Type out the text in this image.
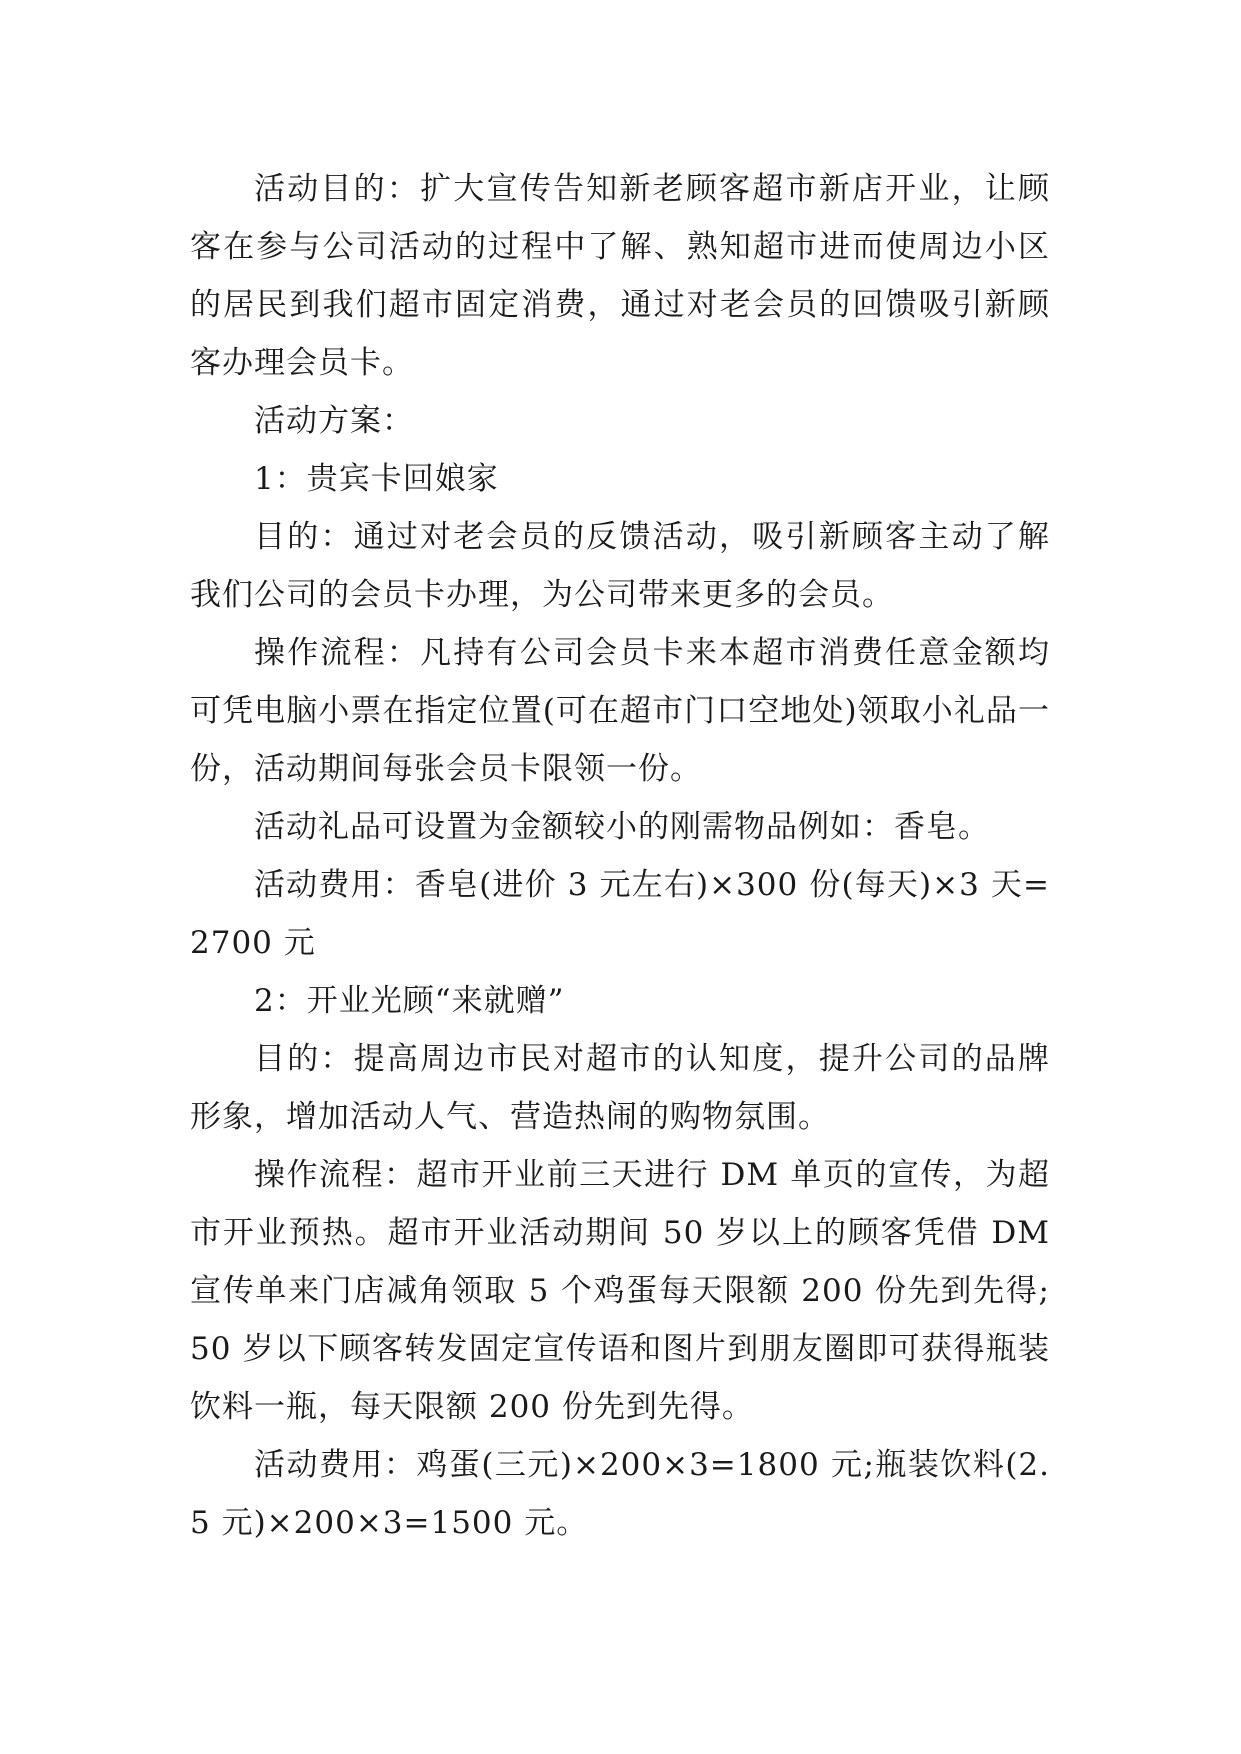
活动目的：扩大宣传告知新老顾客超市新店开业，让顾客在参与公司活动的过程中了解、熟知超市进而使周边小区的居民到我们超市固定消费，通过对老会员的回馈吸引新顾客办理会员卡。

活动方案：

1：贵宾卡回娘家

目的：通过对老会员的反馈活动，吸引新顾客主动了解我们公司的会员卡办理，为公司带来更多的会员。

操作流程：凡持有公司会员卡来本超市消费任意金额均可凭电脑小票在指定位置(可在超市门口空地处)领取小礼品一份，活动期间每张会员卡限领一份。

活动礼品可设置为金额较小的刚需物品例如：香皂。

活动费用：香皂(进价 3 元左右)×300 份(每天)×3 天=2700 元

2：开业光顾“来就赠”

目的：提高周边市民对超市的认知度，提升公司的品牌形象，增加活动人气、营造热闹的购物氛围。

操作流程：超市开业前三天进行 DM 单页的宣传，为超市开业预热。超市开业活动期间 50 岁以上的顾客凭借 DM 宣传单来门店减角领取 5 个鸡蛋每天限额 200 份先到先得;50 岁以下顾客转发固定宣传语和图片到朋友圈即可获得瓶装饮料一瓶，每天限额 200 份先到先得。

活动费用：鸡蛋(三元)×200×3=1800 元;瓶装饮料(2.5 元)×200×3=1500 元。
